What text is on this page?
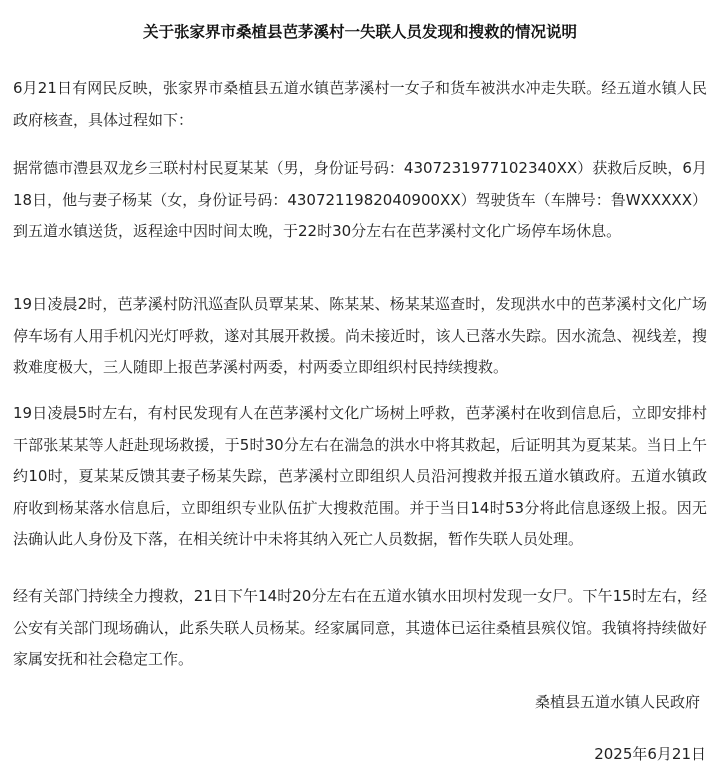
关于张家界市桑植县芭茅溪村一失联人员发现和搜救的情况说明
6月21日有网民反映，张家界市桑植县五道水镇芭茅溪村一女子和货车被洪水冲走失联。经五道水镇人民政府核查，具体过程如下：
据常德市澧县双龙乡三联村村民夏某某（男，身份证号码：4307231977102340XX）获救后反映，6月18日，他与妻子杨某（女，身份证号码：4307211982040900XX）驾驶货车（车牌号：鲁WXXXXX）到五道水镇送货，返程途中因时间太晚，于22时30分左右在芭茅溪村文化广场停车场休息。
19日凌晨2时，芭茅溪村防汛巡查队员覃某某、陈某某、杨某某巡查时，发现洪水中的芭茅溪村文化广场停车场有人用手机闪光灯呼救，遂对其展开救援。尚未接近时，该人已落水失踪。因水流急、视线差，搜救难度极大，三人随即上报芭茅溪村两委，村两委立即组织村民持续搜救。
19日凌晨5时左右，有村民发现有人在芭茅溪村文化广场树上呼救，芭茅溪村在收到信息后，立即安排村干部张某某等人赶赴现场救援，于5时30分左右在湍急的洪水中将其救起，后证明其为夏某某。当日上午约10时，夏某某反馈其妻子杨某失踪，芭茅溪村立即组织人员沿河搜救并报五道水镇政府。五道水镇政府收到杨某落水信息后，立即组织专业队伍扩大搜救范围。并于当日14时53分将此信息逐级上报。因无法确认此人身份及下落，在相关统计中未将其纳入死亡人员数据，暂作失联人员处理。
经有关部门持续全力搜救，21日下午14时20分左右在五道水镇水田坝村发现一女尸。下午15时左右，经公安有关部门现场确认，此系失联人员杨某。经家属同意，其遗体已运往桑植县殡仪馆。我镇将持续做好家属安抚和社会稳定工作。
桑植县五道水镇人民政府
2025年6月21日
